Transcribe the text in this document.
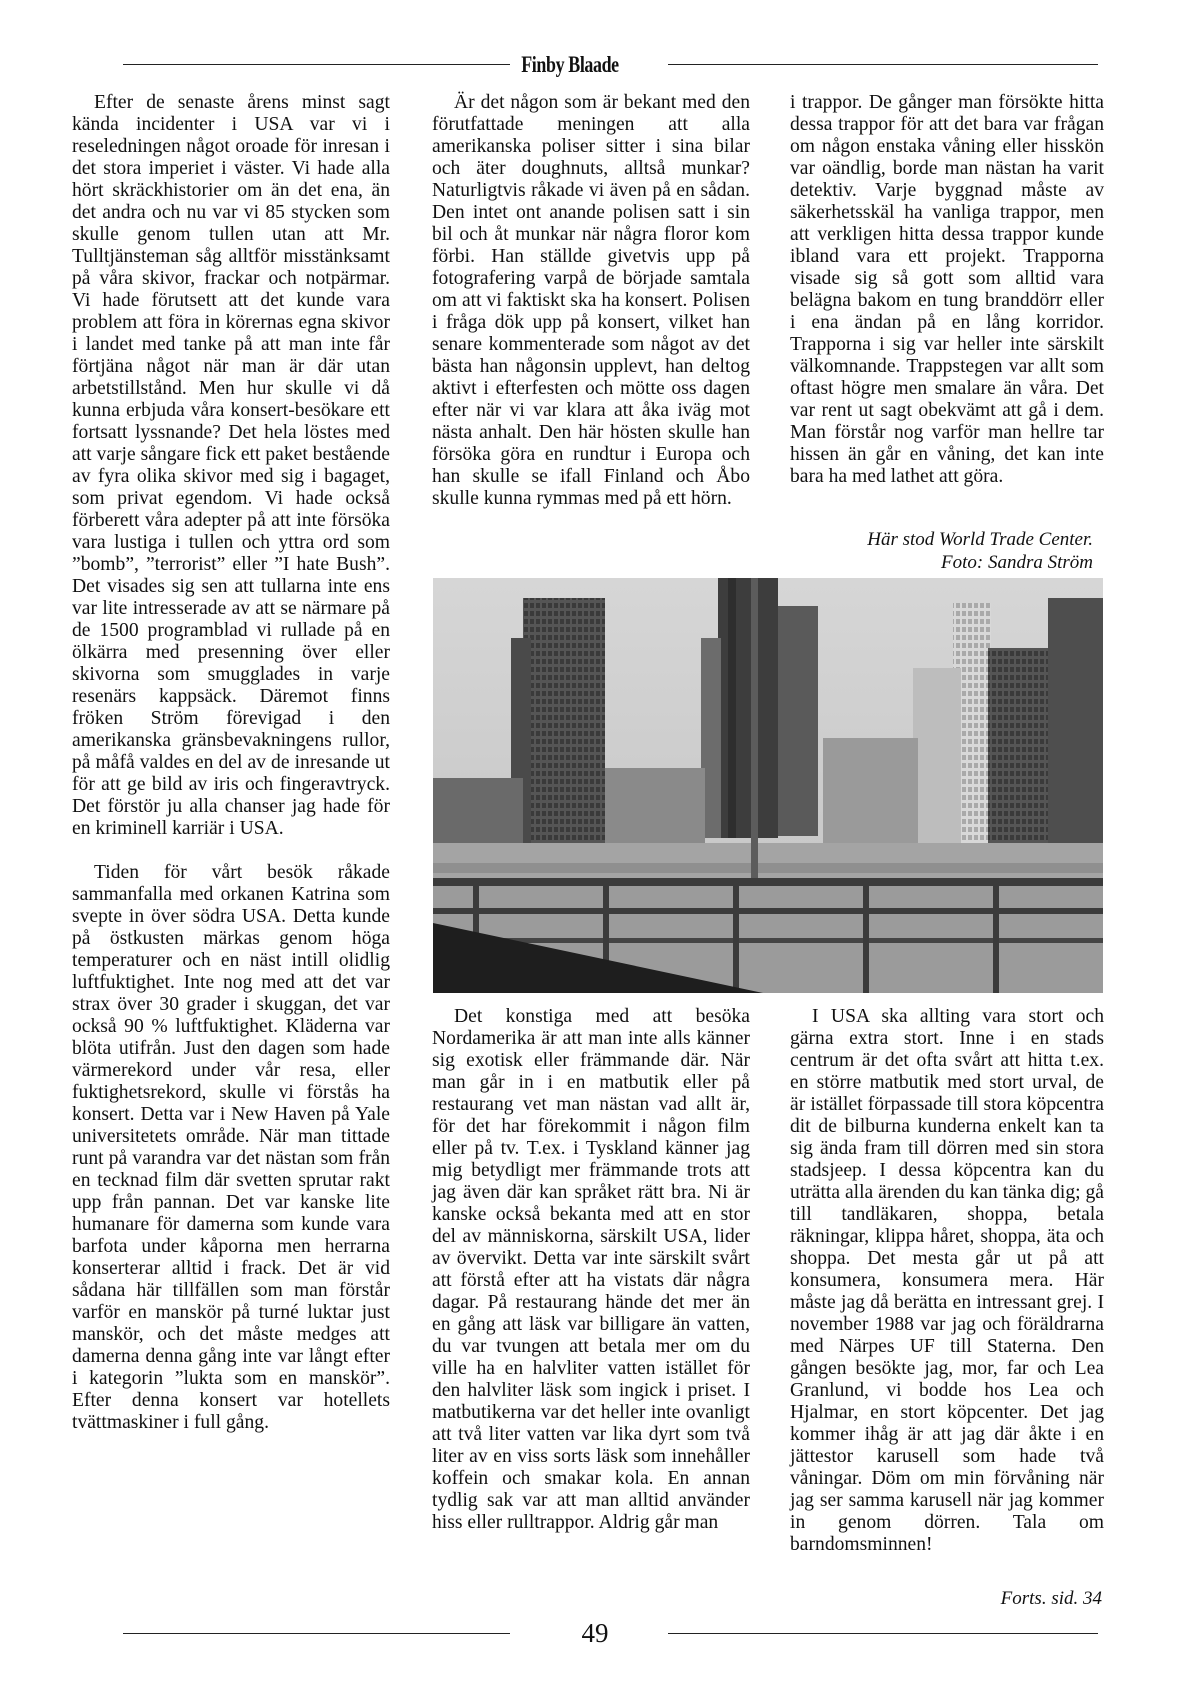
Finby Blaade

Efter de senaste årens minst sagt kända incidenter i USA var vi i reseledningen något oroade för inresan i det stora imperiet i väster. Vi hade alla hört skräckhistorier om än det ena, än det andra och nu var vi 85 stycken som skulle genom tullen utan att Mr. Tulltjänsteman såg alltför misstänksamt på våra skivor, frackar och notpärmar. Vi hade förutsett att det kunde vara problem att föra in körernas egna skivor i landet med tanke på att man inte får förtjäna något när man är där utan arbetstillstånd. Men hur skulle vi då kunna erbjuda våra konsert-besökare ett fortsatt lyssnande? Det hela löstes med att varje sångare fick ett paket bestående av fyra olika skivor med sig i bagaget, som privat egendom. Vi hade också förberett våra adepter på att inte försöka vara lustiga i tullen och yttra ord som ”bomb”, ”terrorist” eller ”I hate Bush”. Det visades sig sen att tullarna inte ens var lite intresserade av att se närmare på de 1500 programblad vi rullade på en ölkärra med presenning över eller skivorna som smugglades in varje resenärs kappsäck. Däremot finns fröken Ström förevigad i den amerikanska gränsbevakningens rullor, på måfå valdes en del av de inresande ut för att ge bild av iris och fingeravtryck. Det förstör ju alla chanser jag hade för en kriminell karriär i USA.

Tiden för vårt besök råkade sammanfalla med orkanen Katrina som svepte in över södra USA. Detta kunde på östkusten märkas genom höga temperaturer och en näst intill olidlig luftfuktighet. Inte nog med att det var strax över 30 grader i skuggan, det var också 90 % luftfuktighet. Kläderna var blöta utifrån. Just den dagen som hade värmerekord under vår resa, eller fuktighetsrekord, skulle vi förstås ha konsert. Detta var i New Haven på Yale universitetets område. När man tittade runt på varandra var det nästan som från en tecknad film där svetten sprutar rakt upp från pannan. Det var kanske lite humanare för damerna som kunde vara barfota under kåporna men herrarna konserterar alltid i frack. Det är vid sådana här tillfällen som man förstår varför en manskör på turné luktar just manskör, och det måste medges att damerna denna gång inte var långt efter i kategorin ”lukta som en manskör”. Efter denna konsert var hotellets tvättmaskiner i full gång.

Är det någon som är bekant med den förutfattade meningen att alla amerikanska poliser sitter i sina bilar och äter doughnuts, alltså munkar? Naturligtvis råkade vi även på en sådan. Den intet ont anande polisen satt i sin bil och åt munkar när några floror kom förbi. Han ställde givetvis upp på fotografering varpå de började samtala om att vi faktiskt ska ha konsert. Polisen i fråga dök upp på konsert, vilket han senare kommenterade som något av det bästa han någonsin upplevt, han deltog aktivt i efterfesten och mötte oss dagen efter när vi var klara att åka iväg mot nästa anhalt. Den här hösten skulle han försöka göra en rundtur i Europa och han skulle se ifall Finland och Åbo skulle kunna rymmas med på ett hörn.

i trappor. De gånger man försökte hitta dessa trappor för att det bara var frågan om någon enstaka våning eller hisskön var oändlig, borde man nästan ha varit detektiv. Varje byggnad måste av säkerhetsskäl ha vanliga trappor, men att verkligen hitta dessa trappor kunde ibland vara ett projekt. Trapporna visade sig så gott som alltid vara belägna bakom en tung branddörr eller i ena ändan på en lång korridor. Trapporna i sig var heller inte särskilt välkomnande. Trappstegen var allt som oftast högre men smalare än våra. Det var rent ut sagt obekvämt att gå i dem. Man förstår nog varför man hellre tar hissen än går en våning, det kan inte bara ha med lathet att göra.

Här stod World Trade Center.
Foto: Sandra Ström

Det konstiga med att besöka Nordamerika är att man inte alls känner sig exotisk eller främmande där. När man går in i en matbutik eller på restaurang vet man nästan vad allt är, för det har förekommit i någon film eller på tv. T.ex. i Tyskland känner jag mig betydligt mer främmande trots att jag även där kan språket rätt bra. Ni är kanske också bekanta med att en stor del av människorna, särskilt USA, lider av övervikt. Detta var inte särskilt svårt att förstå efter att ha vistats där några dagar. På restaurang hände det mer än en gång att läsk var billigare än vatten, du var tvungen att betala mer om du ville ha en halvliter vatten istället för den halvliter läsk som ingick i priset. I matbutikerna var det heller inte ovanligt att två liter vatten var lika dyrt som två liter av en viss sorts läsk som innehåller koffein och smakar kola. En annan tydlig sak var att man alltid använder hiss eller rulltrappor. Aldrig går man

I USA ska allting vara stort och gärna extra stort. Inne i en stads centrum är det ofta svårt att hitta t.ex. en större matbutik med stort urval, de är istället förpassade till stora köpcentra dit de bilburna kunderna enkelt kan ta sig ända fram till dörren med sin stora stadsjeep. I dessa köpcentra kan du uträtta alla ärenden du kan tänka dig; gå till tandläkaren, shoppa, betala räkningar, klippa håret, shoppa, äta och shoppa. Det mesta går ut på att konsumera, konsumera mera. Här måste jag då berätta en intressant grej. I november 1988 var jag och föräldrarna med Närpes UF till Staterna. Den gången besökte jag, mor, far och Lea Granlund, vi bodde hos Lea och Hjalmar, en stort köpcenter. Det jag kommer ihåg är att jag där åkte i en jättestor karusell som hade två våningar. Döm om min förvåning när jag ser samma karusell när jag kommer in genom dörren. Tala om barndomsminnen!

Forts. sid. 34
49
